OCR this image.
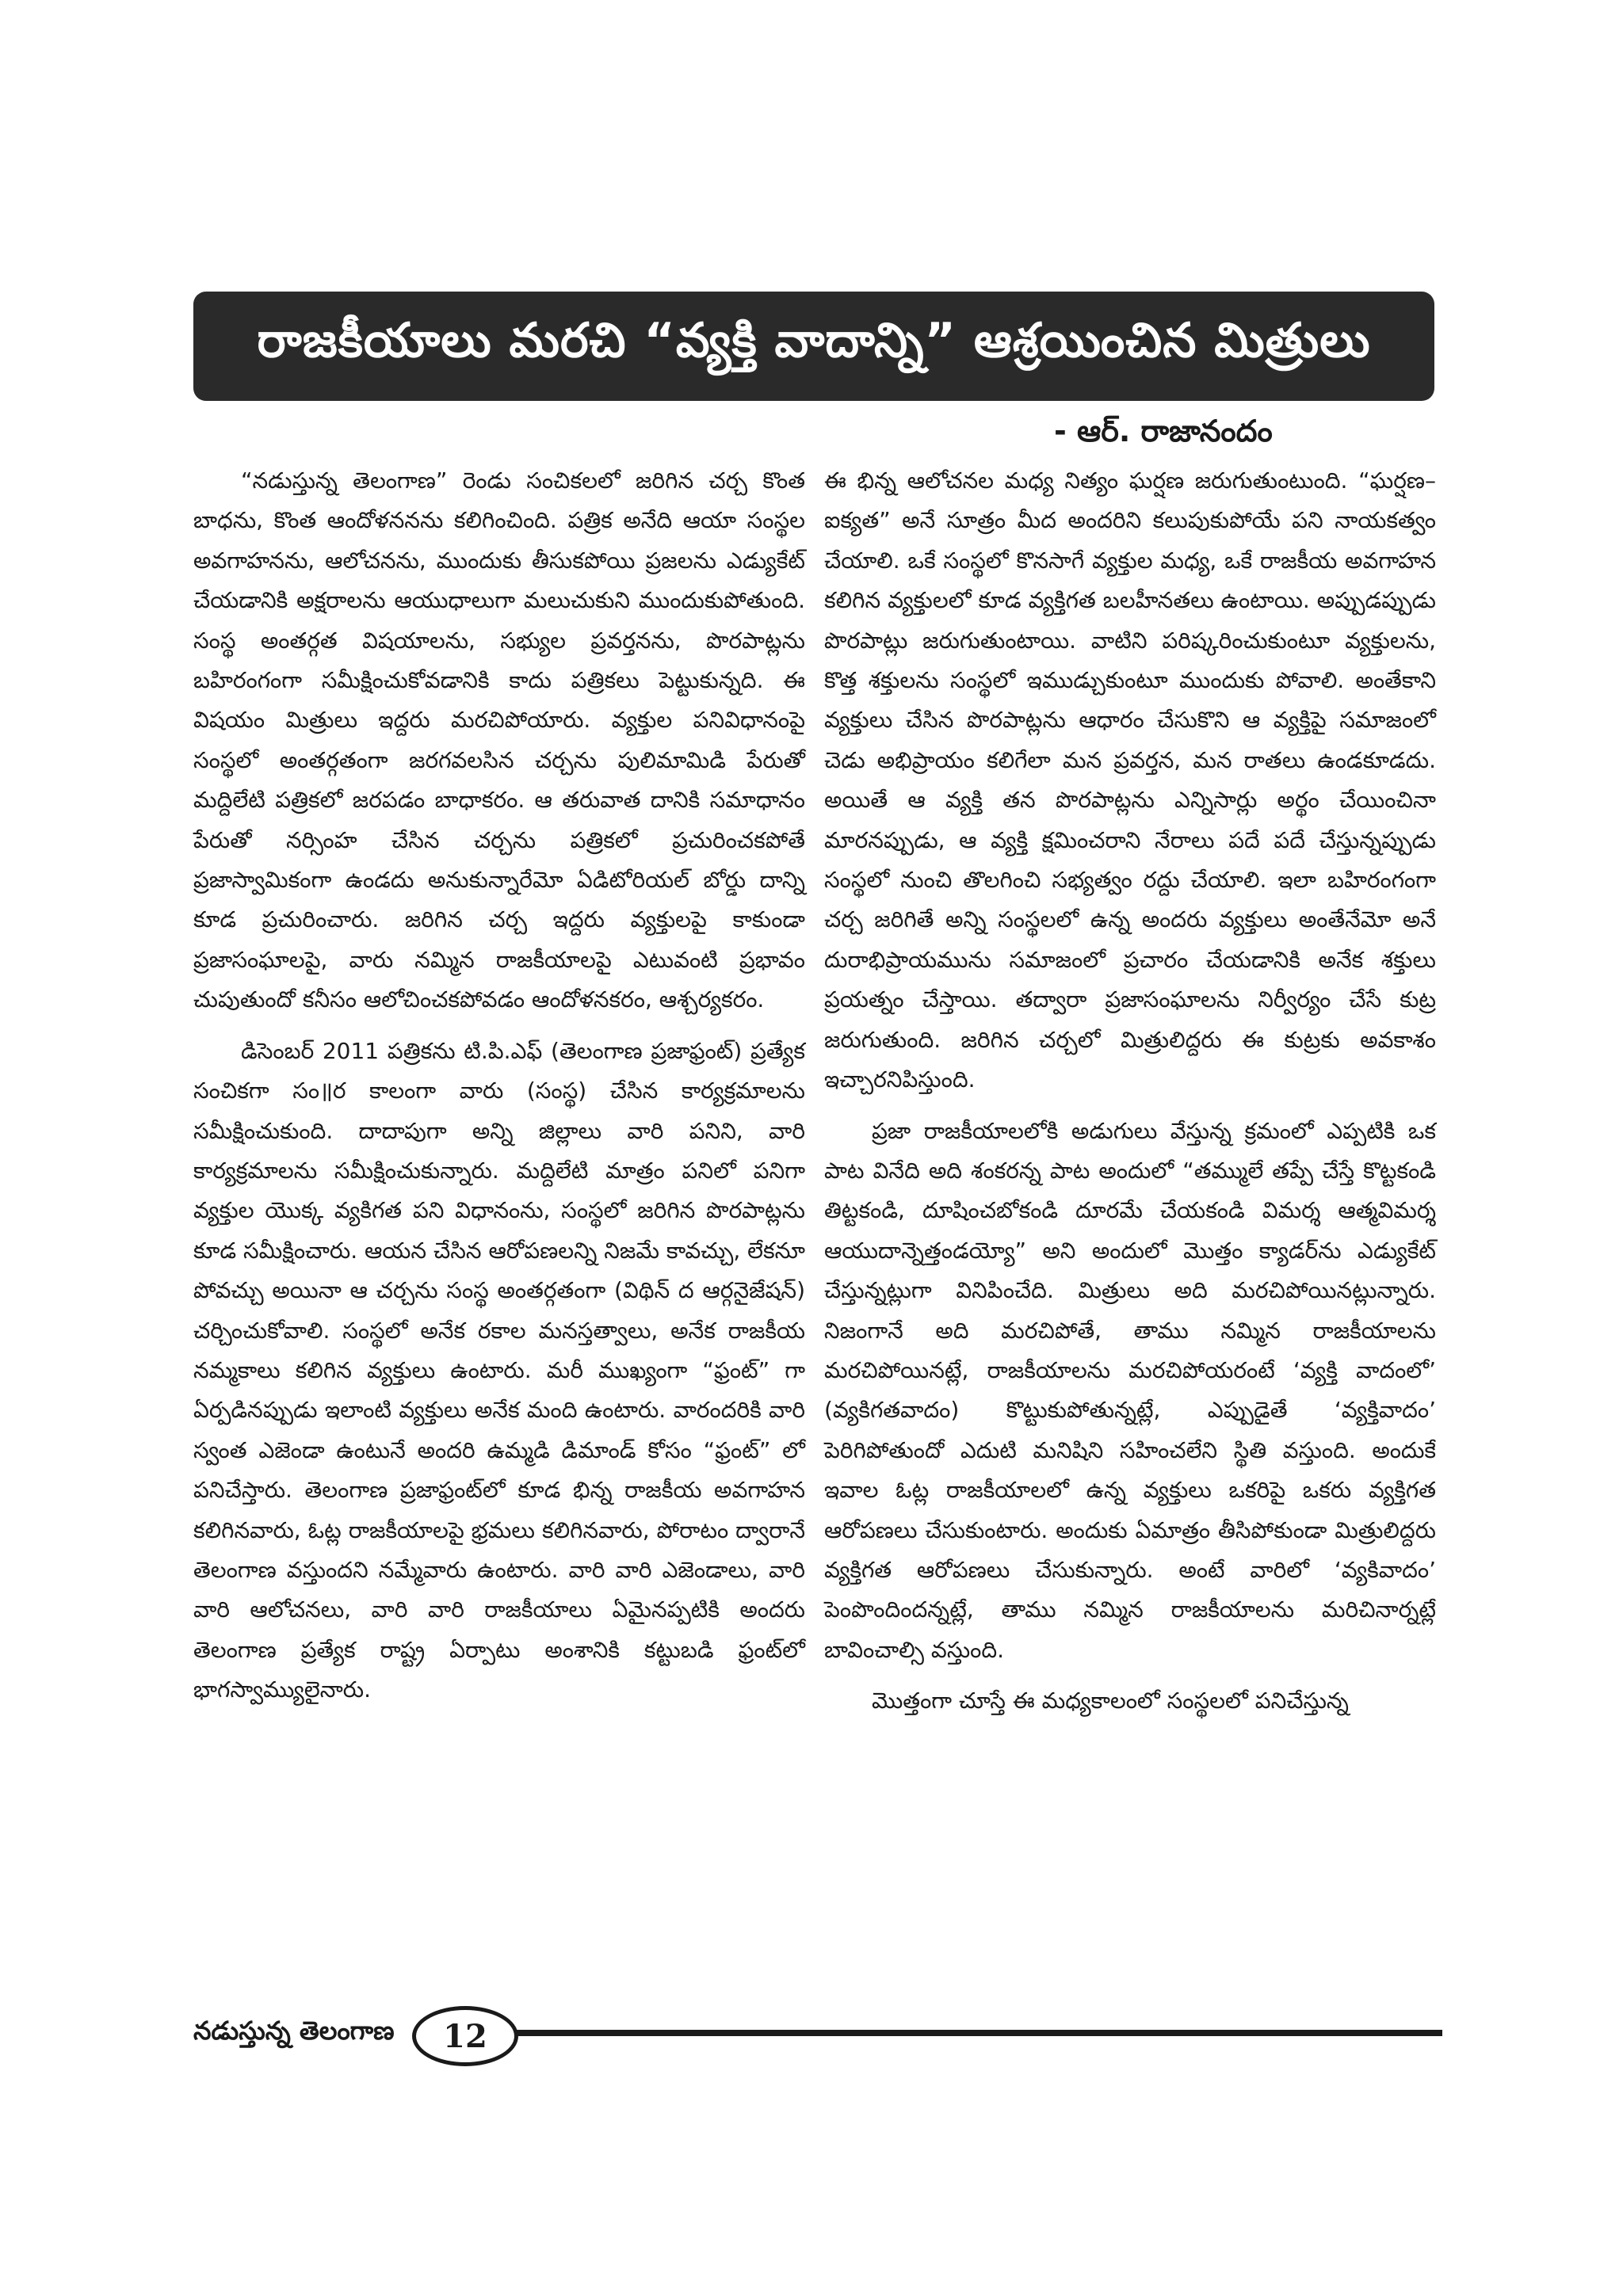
రాజకీయాలు మరచి “వ్యక్తి వాదాన్ని” ఆశ్రయించిన మిత్రులు
- ఆర్. రాజానందం

“నడుస్తున్న తెలంగాణ” రెండు సంచికలలో జరిగిన చర్చ కొంత బాధను, కొంత ఆందోళననను కలిగించింది. పత్రిక అనేది ఆయా సంస్థల అవగాహనను, ఆలోచనను, ముందుకు తీసుకపోయి ప్రజలను ఎడ్యుకేట్ చేయడానికి అక్షరాలను ఆయుధాలుగా మలుచుకుని ముందుకుపోతుంది. సంస్థ అంతర్గత విషయాలను, సభ్యుల ప్రవర్తనను, పొరపాట్లను బహిరంగంగా సమీక్షించుకోవడానికి కాదు పత్రికలు పెట్టుకున్నది. ఈ విషయం మిత్రులు ఇద్దరు మరచిపోయారు. వ్యక్తుల పనివిధానంపై సంస్థలో అంతర్గతంగా జరగవలసిన చర్చను పులిమామిడి పేరుతో మద్దిలేటి పత్రికలో జరపడం బాధాకరం. ఆ తరువాత దానికి సమాధానం పేరుతో నర్సింహ చేసిన చర్చను పత్రికలో ప్రచురించకపోతే ప్రజాస్వామికంగా ఉండదు అనుకున్నారేమో ఏడిటోరియల్ బోర్డు దాన్ని కూడ ప్రచురించారు. జరిగిన చర్చ ఇద్దరు వ్యక్తులపై కాకుండా ప్రజాసంఘాలపై, వారు నమ్మిన రాజకీయాలపై ఎటువంటి ప్రభావం చుపుతుందో కనీసం ఆలోచించకపోవడం ఆందోళనకరం, ఆశ్చర్యకరం.

డిసెంబర్ 2011 పత్రికను టి.పి.ఎఫ్ (తెలంగాణ ప్రజాఫ్రంట్) ప్రత్యేక సంచికగా సం॥ర కాలంగా వారు (సంస్థ) చేసిన కార్యక్రమాలను సమీక్షించుకుంది. దాదాపుగా అన్ని జిల్లాలు వారి పనిని, వారి కార్యక్రమాలను సమీక్షించుకున్నారు. మద్దిలేటి మాత్రం పనిలో పనిగా వ్యక్తుల యొక్క వ్యకిగత పని విధానంను, సంస్థలో జరిగిన పొరపాట్లను కూడ సమీక్షించారు. ఆయన చేసిన ఆరోపణలన్ని నిజమే కావచ్చు, లేకనూ పోవచ్చు అయినా ఆ చర్చను సంస్థ అంతర్గతంగా (విథిన్ ద ఆర్గనైజేషన్) చర్చించుకోవాలి. సంస్థలో అనేక రకాల మనస్తత్వాలు, అనేక రాజకీయ నమ్మకాలు కలిగిన వ్యక్తులు ఉంటారు. మరీ ముఖ్యంగా “ఫ్రంట్” గా ఏర్పడినప్పుడు ఇలాంటి వ్యక్తులు అనేక మంది ఉంటారు. వారందరికి వారి స్వంత ఎజెండా ఉంటునే అందరి ఉమ్మడి డిమాండ్ కోసం “ఫ్రంట్” లో పనిచేస్తారు. తెలంగాణ ప్రజాఫ్రంట్‌లో కూడ భిన్న రాజకీయ అవగాహన కలిగినవారు, ఓట్ల రాజకీయాలపై భ్రమలు కలిగినవారు, పోరాటం ద్వారానే తెలంగాణ వస్తుందని నమ్మేవారు ఉంటారు. వారి వారి ఎజెండాలు, వారి వారి ఆలోచనలు, వారి వారి రాజకీయాలు ఏమైనప్పటికి అందరు తెలంగాణ ప్రత్యేక రాష్ట్ర ఏర్పాటు అంశానికి కట్టుబడి ఫ్రంట్‌లో భాగస్వామ్యులైనారు.

ఈ భిన్న ఆలోచనల మధ్య నిత్యం ఘర్షణ జరుగుతుంటుంది. “ఘర్షణ–ఐక్యత” అనే సూత్రం మీద అందరిని కలుపుకుపోయే పని నాయకత్వం చేయాలి. ఒకే సంస్థలో కొనసాగే వ్యక్తుల మధ్య, ఒకే రాజకీయ అవగాహన కలిగిన వ్యక్తులలో కూడ వ్యక్తిగత బలహీనతలు ఉంటాయి. అప్పుడప్పుడు పొరపాట్లు జరుగుతుంటాయి. వాటిని పరిష్కరించుకుంటూ వ్యక్తులను, కొత్త శక్తులను సంస్థలో ఇముడ్చుకుంటూ ముందుకు పోవాలి. అంతేకాని వ్యక్తులు చేసిన పొరపాట్లను ఆధారం చేసుకొని ఆ వ్యక్తిపై సమాజంలో చెడు అభిప్రాయం కలిగేలా మన ప్రవర్తన, మన రాతలు ఉండకూడదు. అయితే ఆ వ్యక్తి తన పొరపాట్లను ఎన్నిసార్లు అర్థం చేయించినా మారనప్పుడు, ఆ వ్యక్తి క్షమించరాని నేరాలు పదే పదే చేస్తున్నప్పుడు సంస్థలో నుంచి తొలగించి సభ్యత్వం రద్దు చేయాలి. ఇలా బహిరంగంగా చర్చ జరిగితే అన్ని సంస్థలలో ఉన్న అందరు వ్యక్తులు అంతేనేమో అనే దురాభిప్రాయమును సమాజంలో ప్రచారం చేయడానికి అనేక శక్తులు ప్రయత్నం చేస్తాయి. తద్వారా ప్రజాసంఘాలను నిర్వీర్యం చేసే కుట్ర జరుగుతుంది. జరిగిన చర్చలో మిత్రులిద్దరు ఈ కుట్రకు అవకాశం ఇచ్చారనిపిస్తుంది.

ప్రజా రాజకీయాలలోకి అడుగులు వేస్తున్న క్రమంలో ఎప్పటికి ఒక పాట వినేది అది శంకరన్న పాట అందులో “తమ్ములే తప్పే చేస్తే కొట్టకండి తిట్టకండి, దూషించబోకండి దూరమే చేయకండి విమర్శ ఆత్మవిమర్శ ఆయుదాన్నెత్తండయ్యో” అని అందులో మొత్తం క్యాడర్‌ను ఎడ్యుకేట్ చేస్తున్నట్లుగా వినిపించేది. మిత్రులు అది మరచిపోయినట్లున్నారు. నిజంగానే అది మరచిపోతే, తాము నమ్మిన రాజకీయాలను మరచిపోయినట్లే, రాజకీయాలను మరచిపోయరంటే ‘వ్యక్తి వాదంలో’ (వ్యకిగతవాదం) కొట్టుకుపోతున్నట్లే, ఎప్పుడైతే ‘వ్యక్తివాదం’ పెరిగిపోతుందో ఎదుటి మనిషిని సహించలేని స్థితి వస్తుంది. అందుకే ఇవాల ఓట్ల రాజకీయాలలో ఉన్న వ్యక్తులు ఒకరిపై ఒకరు వ్యక్తిగత ఆరోపణలు చేసుకుంటారు. అందుకు ఏమాత్రం తీసిపోకుండా మిత్రులిద్దరు వ్యక్తిగత ఆరోపణలు చేసుకున్నారు. అంటే వారిలో ‘వ్యకివాదం’ పెంపొందిందన్నట్లే, తాము నమ్మిన రాజకీయాలను మరిచినార్నట్లే బావించాల్సి వస్తుంది.

మొత్తంగా చూస్తే ఈ మధ్యకాలంలో సంస్థలలో పనిచేస్తున్న

నడుస్తున్న తెలంగాణ	12
